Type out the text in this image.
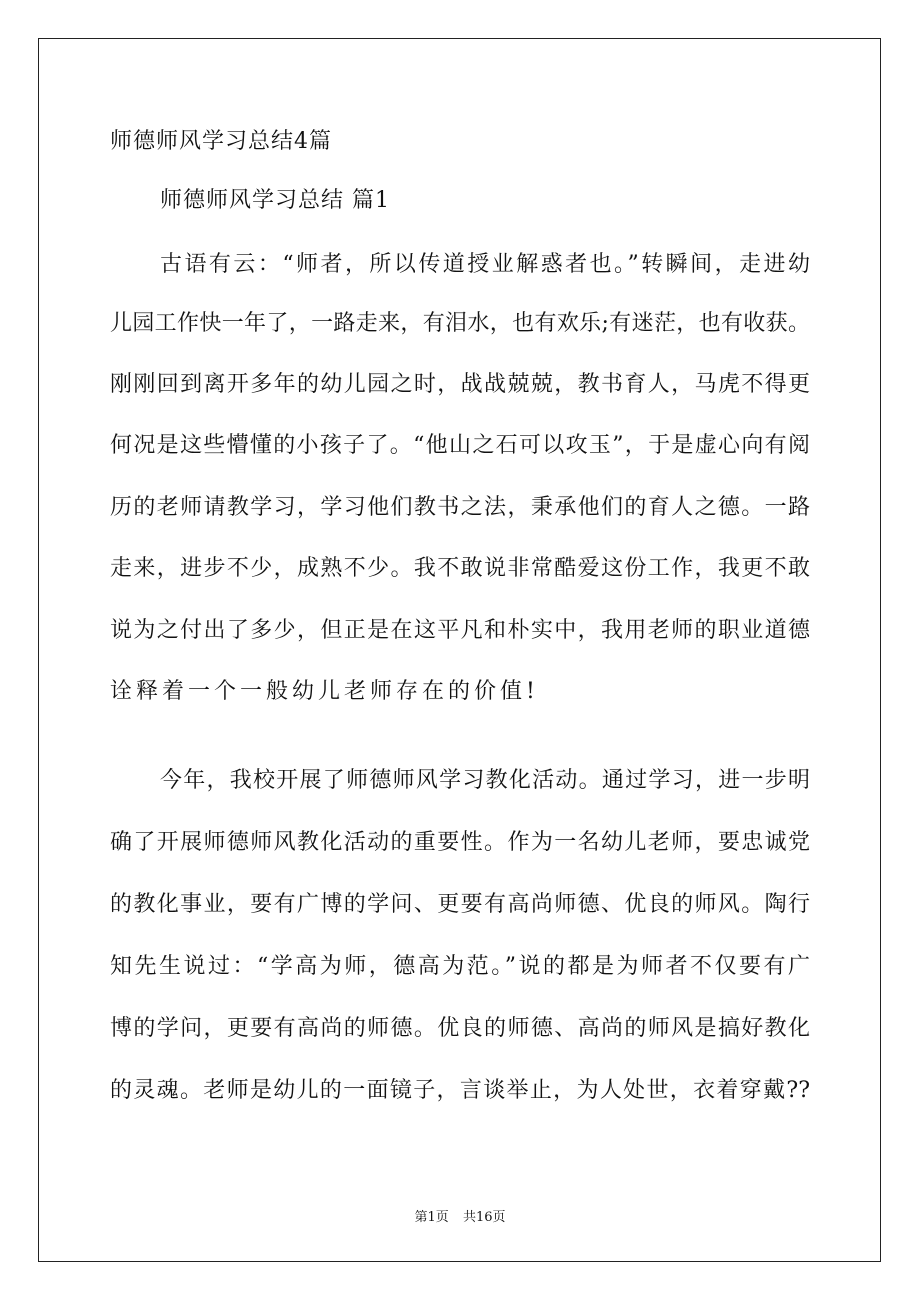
师德师风学习总结4篇
师德师风学习总结 篇1
古语有云：“师者，所以传道授业解惑者也。”转瞬间，走进幼
儿园工作快一年了，一路走来，有泪水，也有欢乐;有迷茫，也有收获。
刚刚回到离开多年的幼儿园之时，战战兢兢，教书育人，马虎不得更
何况是这些懵懂的小孩子了。“他山之石可以攻玉”，于是虚心向有阅
历的老师请教学习，学习他们教书之法，秉承他们的育人之德。一路
走来，进步不少，成熟不少。我不敢说非常酷爱这份工作，我更不敢
说为之付出了多少，但正是在这平凡和朴实中，我用老师的职业道德
诠释着一个一般幼儿老师存在的价值!
今年，我校开展了师德师风学习教化活动。通过学习，进一步明
确了开展师德师风教化活动的重要性。作为一名幼儿老师，要忠诚党
的教化事业，要有广博的学问、更要有高尚师德、优良的师风。陶行
知先生说过：“学高为师，德高为范。”说的都是为师者不仅要有广
博的学问，更要有高尚的师德。优良的师德、高尚的师风是搞好教化
的灵魂。老师是幼儿的一面镜子，言谈举止，为人处世，衣着穿戴??
第1页 共16页
